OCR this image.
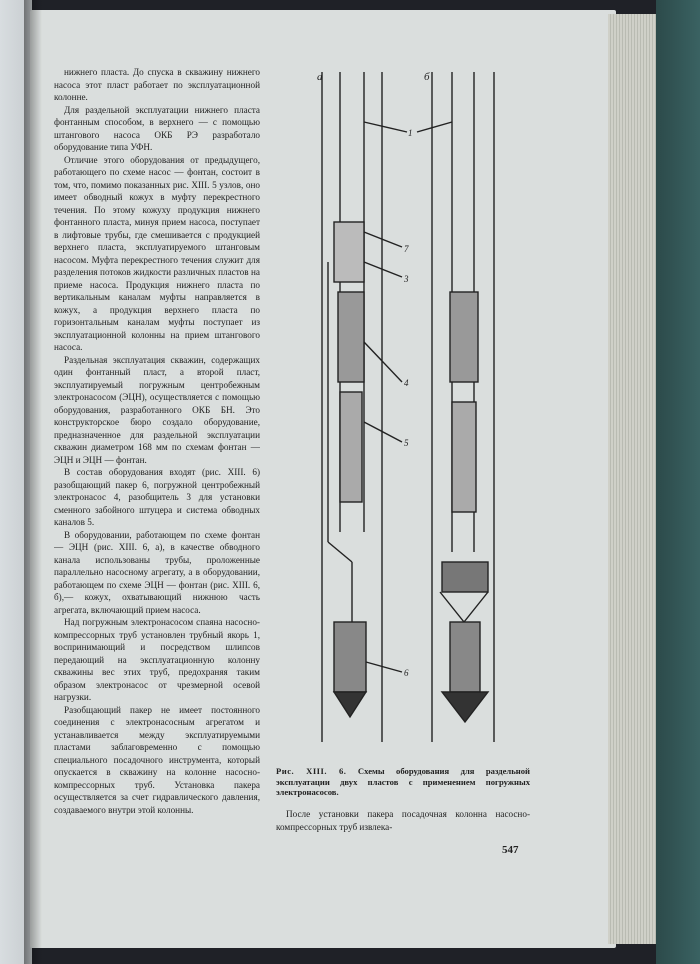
нижнего пласта. До спуска в скважину нижнего насоса этот пласт работает по эксплуатационной колонне.

Для раздельной эксплуатации нижнего пласта фонтанным способом, в верхнего — с помощью штангового насоса ОКБ РЭ разработало оборудование типа УФН.

Отличие этого оборудования от предыдущего, работающего по схеме насос — фонтан, состоит в том, что, помимо показанных рис. XIII. 5 узлов, оно имеет обводный кожух в муфту перекрестного течения. По этому кожуху продукция нижнего фонтанного пласта, минуя прием насоса, поступает в лифтовые трубы, где смешивается с продукцией верхнего пласта, эксплуатируемого штанговым насосом. Муфта перекрестного течения служит для разделения потоков жидкости различных пластов на приеме насоса. Продукция нижнего пласта по вертикальным каналам муфты направляется в кожух, а продукция верхнего пласта по горизонтальным каналам муфты поступает из эксплуатационной колонны на прием штангового насоса.

Раздельная эксплуатация скважин, содержащих один фонтанный пласт, а второй пласт, эксплуатируемый погружным центробежным электронасосом (ЭЦН), осуществляется с помощью оборудования, разработанного ОКБ БН. Это конструкторское бюро создало оборудование, предназначенное для раздельной эксплуатации скважин диаметром 168 мм по схемам фонтан — ЭЦН и ЭЦН — фонтан.

В состав оборудования входят (рис. XIII. 6) разобщающий пакер 6, погружной центробежный электронасос 4, разобщитель 3 для установки сменного забойного штуцера и система обводных каналов 5.

В оборудовании, работающем по схеме фонтан — ЭЦН (рис. XIII. 6, а), в качестве обводного канала использованы трубы, проложенные параллельно насосному агрегату, а в оборудовании, работающем по схеме ЭЦН — фонтан (рис. XIII. 6, б),— кожух, охватывающий нижнюю часть агрегата, включающий прием насоса.

Над погружным электронасосом спаяна насосно-компрессорных труб установлен трубный якорь 1, воспринимающий и посредством шлипсов передающий на эксплуатационную колонну скважины вес этих труб, предохраняя таким образом электронасос от чрезмерной осевой нагрузки.

Разобщающий пакер не имеет постоянного соединения с электронасосным агрегатом и устанавливается между эксплуатируемыми пластами заблаговременно с помощью специального посадочного инструмента, который опускается в скважину на колонне насосно-компрессорных труб. Установка пакера осуществляется за счет гидравлического давления, создаваемого внутри этой колонны.

а	б
1
7
3
4
5
6
Рис. XIII. 6. Схемы оборудования для раздельной эксплуатации двух пластов с применением погружных электронасосов.
После установки пакера посадочная колонна насосно-компрессорных труб извлека-
547
